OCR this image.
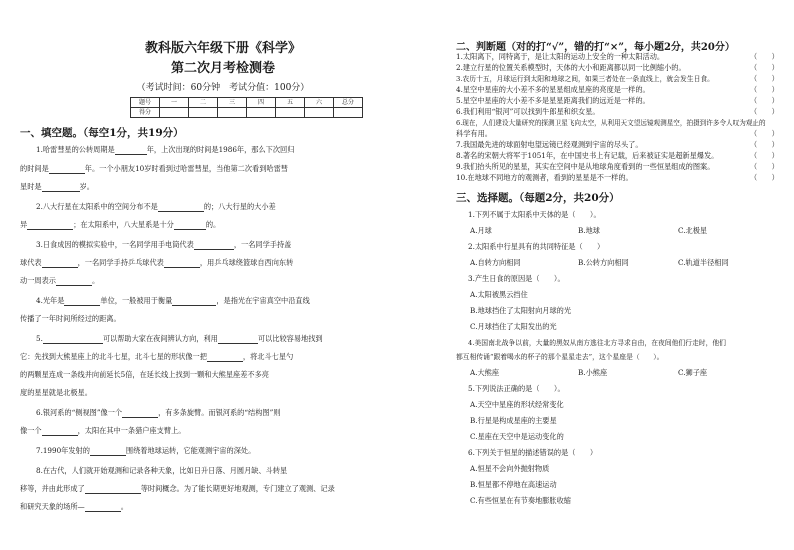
教科版六年级下册《科学》
第二次月考检测卷
（考试时间：60分钟　考试分值：100分）
题号	一	二	三	四	五	六	总分
得分							
一、填空题。（每空1分，共19分）
1.哈雷彗星的公转周期是	年，上次出现的时间是1986年，那么下次回归
的时间是	年。一个小朋友10岁时看到过哈雷彗星，当他第二次看到哈雷彗
星时是	岁。
2.八大行星在太阳系中的空间分布不是	的；八大行星的大小差
异	；在太阳系中，八大星系是十分	的。
3.日食成因的模拟实验中，一名同学用手电筒代表	，一名同学手持盖
球代表	，一名同学手持乒乓球代表	，用乒乓球绕篮球自西向东转
动一周表示	。
4.光年是	单位，一般被用于衡量	，是指光在宇宙真空中沿直线
传播了一年时间所经过的距离。
5.	可以帮助大家在夜间辨认方向，利用	可以比较容易地找到
它：先找到大熊星座上的北斗七星，北斗七星的形状像一把	，将北斗七星勺
的两颗星连成一条线并向前延长5倍，在延长线上找到一颗和大熊星座差不多亮
度的星星就是北极星。
6.银河系的“侧视图”像一个	，有多条旋臂。而银河系的“结构图”则
像一个	，太阳在其中一条猎户座支臂上。
7.1990年发射的	围绕着地球运转，它能观测宇宙的深处。
8.在古代，人们就开始观测和记录各种天象，比如日升日落、月圆月缺、斗转星
移等，并由此形成了	等时间概念。为了能长期更好地观测，专门建立了观测、记录
和研究天象的场所—	。
二、判断题（对的打“√”，错的打“×”，每小题2分，共20分）
1.太阳离下，同特离于，是让太阳的运动上安全的一种太阳活动。	（　　）
2.建立行星的位置关系模型时，天体的大小和距离都以同一比例缩小的。	（　　）
3.农历十五，月球运行到太阳和地球之间，如果三者处在一条直线上，就会发生日食。	（　　）
4.星空中星座的大小差不多的星星组成星座的亮度是一样的。	（　　）
5.星空中星座的大小差不多是星星距离我们的远近是一样的。	（　　）
6.我们利用“银河”可以找到牛郎星和织女星。	（　　）
6.现在，人们建设大量研究的探测卫星飞向太空，从利用天文望远镜观测星空，拍摄到许多令人叹为观止的
科学有用。	（　　）
7.我国最先进的球面射电望远镜已经观测到宇宙的尽头了。	（　　）
8.著名的宋朝大将军于1051年，在中国史书上有记载，后来被证实是超新星爆发。	（　　）
9.我们抬头所见的星星，其实在空间中是从地球角度看到的一些恒星组成的图案。	（　　）
10.在地球不同地方的观测者，看到的星星是不一样的。	（　　）
三、选择题。（每题2分，共20分）
1.下列不属于太阳系中天体的是（　　）。
A.月球	B.地球	C.北极星
2.太阳系中行星具有的共同特征是（　　）
A.自转方向相同	B.公转方向相同	C.轨道半径相同
3.产生日食的原因是（　　）。
A.太阳被黑云挡住
B.地球挡住了太阳射向月球的光
C.月球挡住了太阳发出的光
4.美国南北战争以前，大量的黑奴从南方逃往北方寻求自由，在夜间他们行走时，他们
都互相传诵“跟着喝水的杯子的那个星星走去”，这个星座是（　　）。
A.大熊座	B.小熊座	C.狮子座
5.下列说法正确的是（　　）。
A.天空中星座的形状经常变化
B.行星是构成星座的主要星
C.星座在天空中是运动变化的
6.下列关于恒星的描述错误的是（　　）
A.恒星不会向外抛射物质
B.恒星都不停地在高速运动
C.有些恒星在有节奏地膨胀收缩
